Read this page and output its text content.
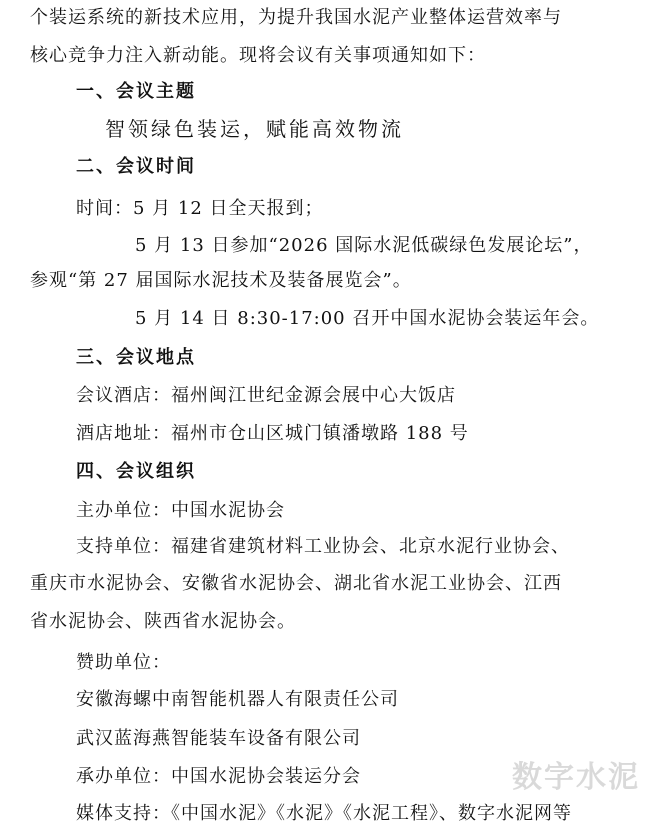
个装运系统的新技术应用，为提升我国水泥产业整体运营效率与
核心竞争力注入新动能。现将会议有关事项通知如下：
一、会议主题
智领绿色装运，赋能高效物流
二、会议时间
时间：5 月 12 日全天报到；
5 月 13 日参加“2026 国际水泥低碳绿色发展论坛”，
参观“第 27 届国际水泥技术及装备展览会”。
5 月 14 日 8:30-17:00 召开中国水泥协会装运年会。
三、会议地点
会议酒店：福州闽江世纪金源会展中心大饭店
酒店地址：福州市仓山区城门镇潘墩路 188 号
四、会议组织
主办单位：中国水泥协会
支持单位：福建省建筑材料工业协会、北京水泥行业协会、
重庆市水泥协会、安徽省水泥协会、湖北省水泥工业协会、江西
省水泥协会、陕西省水泥协会。
赞助单位：
安徽海螺中南智能机器人有限责任公司
武汉蓝海燕智能装车设备有限公司
承办单位：中国水泥协会装运分会
媒体支持：《中国水泥》《水泥》《水泥工程》、数字水泥网等
数字水泥
